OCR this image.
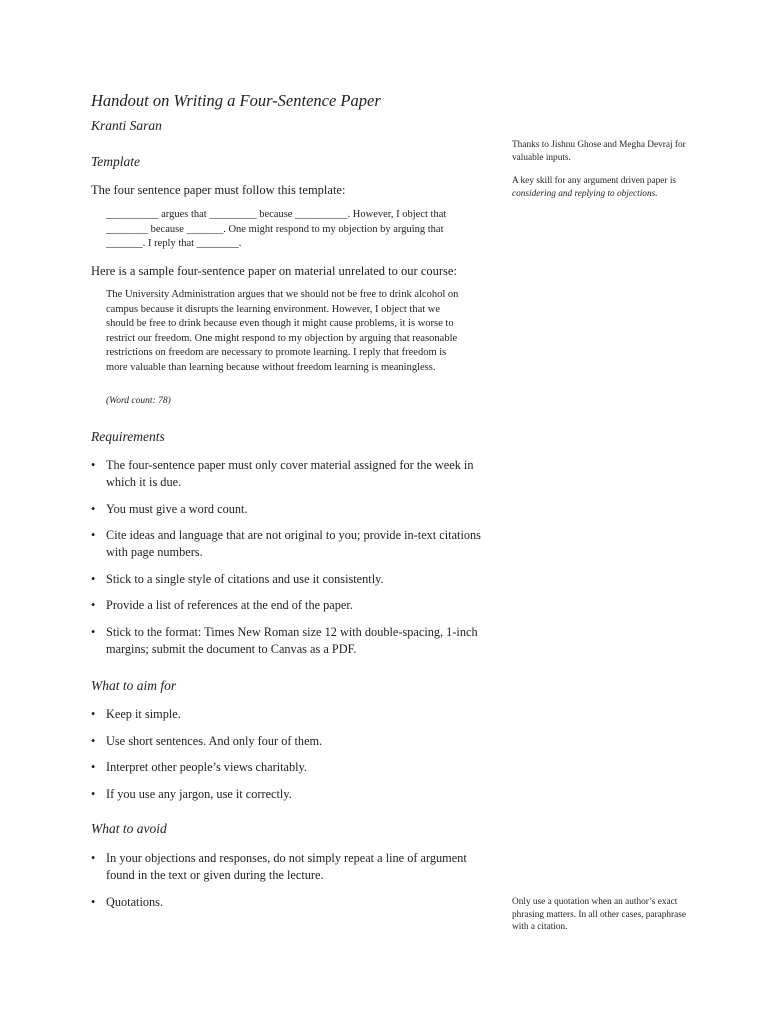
Handout on Writing a Four-Sentence Paper
Kranti Saran
Template
The four sentence paper must follow this template:

__________ argues that _________ because __________. However, I object that ________ because _______. One might respond to my objection by arguing that _______. I reply that ________.

Here is a sample four-sentence paper on material unrelated to our course:

The University Administration argues that we should not be free to drink alcohol on campus because it disrupts the learning environment. However, I object that we should be free to drink because even though it might cause problems, it is worse to restrict our freedom. One might respond to my objection by arguing that reasonable restrictions on freedom are necessary to promote learning. I reply that freedom is more valuable than learning because without freedom learning is meaningless.

(Word count: 78)
Requirements
• The four-sentence paper must only cover material assigned for the week in which it is due.
• You must give a word count.
• Cite ideas and language that are not original to you; provide in-text citations with page numbers.
• Stick to a single style of citations and use it consistently.
• Provide a list of references at the end of the paper.
• Stick to the format: Times New Roman size 12 with double-spacing, 1-inch margins; submit the document to Canvas as a PDF.
What to aim for
• Keep it simple.
• Use short sentences. And only four of them.
• Interpret other people’s views charitably.
• If you use any jargon, use it correctly.
What to avoid
• In your objections and responses, do not simply repeat a line of argument found in the text or given during the lecture.
• Quotations.

Thanks to Jishnu Ghose and Megha Devraj for valuable inputs.

A key skill for any argument driven paper is considering and replying to objections.

Only use a quotation when an author’s exact phrasing matters. In all other cases, paraphrase with a citation.
